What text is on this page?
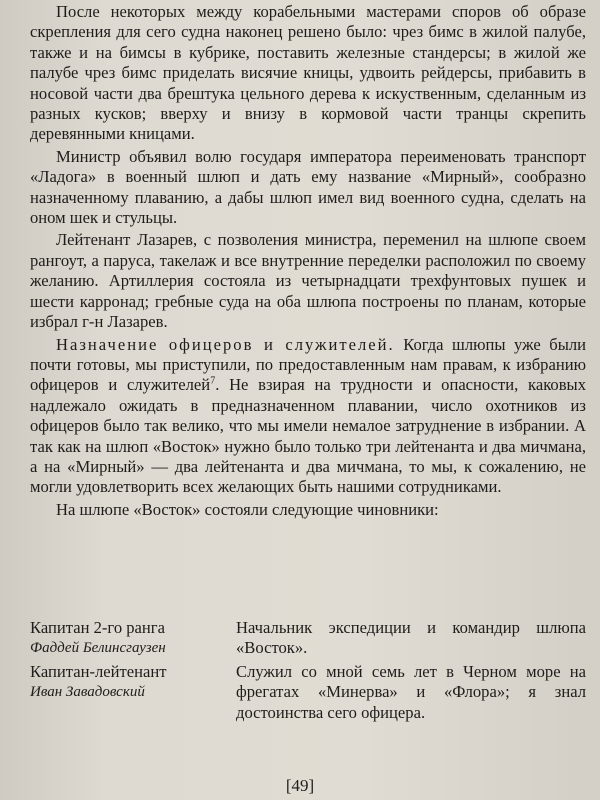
После некоторых между корабельными мастерами споров об образе скрепления для сего судна наконец решено было: чрез бимс в жилой палубе, также и на бимсы в кубрике, поставить железные стандерсы; в жилой же палубе чрез бимс приделать висячие кницы, удвоить рейдерсы, прибавить в носовой части два брештука цельного дерева к искуственным, сделанным из разных кусков; вверху и внизу в кормовой части транцы скрепить деревянными кницами.

Министр объявил волю государя императора переименовать транспорт «Ладога» в военный шлюп и дать ему название «Мирный», сообразно назначенному плаванию, а дабы шлюп имел вид военного судна, сделать на оном шек и стульцы.

Лейтенант Лазарев, с позволения министра, переменил на шлюпе своем рангоут, а паруса, такелаж и все внутренние переделки расположил по своему желанию. Артиллерия состояла из четырнадцати трехфунтовых пушек и шести карронад; гребные суда на оба шлюпа построены по планам, которые избрал г-н Лазарев.

Назначение офицеров и служителей. Когда шлюпы уже были почти готовы, мы приступили, по предоставленным нам правам, к избранию офицеров и служителей$^7$. Не взирая на трудности и опасности, каковых надлежало ожидать в предназначенном плавании, число охотников из офицеров было так велико, что мы имели немалое затруднение в избрании. А так как на шлюп «Восток» нужно было только три лейтенанта и два мичмана, а на «Мирный» — два лейтенанта и два мичмана, то мы, к сожалению, не могли удовлетворить всех желающих быть нашими сотрудниками.

На шлюпе «Восток» состояли следующие чиновники:

Капитан 2-го ранга
Фаддей Белинсгаузен
Начальник экспедиции и командир шлюпа «Восток».
Капитан-лейтенант
Иван Завадовский
Служил со мной семь лет в Черном море на фрегатах «Минерва» и «Флора»; я знал достоинства сего офицера.
[49]
